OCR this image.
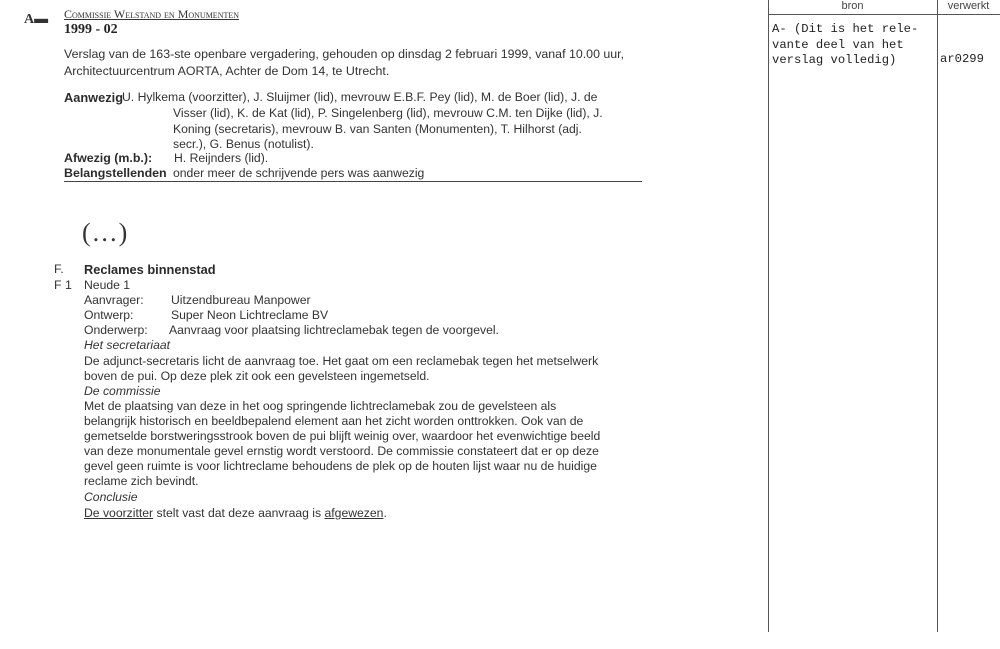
A▬ Commissie Welstand en Monumenten
1999 - 02
Verslag van de 163-ste openbare vergadering, gehouden op dinsdag 2 februari 1999, vanaf 10.00 uur,
Architectuurcentrum AORTA, Achter de Dom 14, te Utrecht.
Aanwezig
U. Hylkema (voorzitter), J. Sluijmer (lid), mevrouw E.B.F. Pey (lid), M. de Boer (lid), J. de
Visser (lid), K. de Kat (lid), P. Singelenberg (lid), mevrouw C.M. ten Dijke (lid), J.
Koning (secretaris), mevrouw B. van Santen (Monumenten), T. Hilhorst (adj.
secr.), G. Benus (notulist).
Afwezig (m.b.): H. Reijnders (lid).
Belangstellenden onder meer de schrijvende pers was aanwezig
(…)
F. Reclames binnenstad
F 1 Neude 1
Aanvrager: Uitzendbureau Manpower
Ontwerp:	Super Neon Lichtreclame BV
Onderwerp: Aanvraag voor plaatsing lichtreclamebak tegen de voorgevel.
Het secretariaat
De adjunct-secretaris licht de aanvraag toe. Het gaat om een reclamebak tegen het metselwerk
boven de pui. Op deze plek zit ook een gevelsteen ingemetseld.
De commissie
Met de plaatsing van deze in het oog springende lichtreclamebak zou de gevelsteen als
belangrijk historisch en beeldbepalend element aan het zicht worden onttrokken. Ook van de
gemetselde borstweringsstrook boven de pui blijft weinig over, waardoor het evenwichtige beeld
van deze monumentale gevel ernstig wordt verstoord. De commissie constateert dat er op deze
gevel geen ruimte is voor lichtreclame behoudens de plek op de houten lijst waar nu de huidige
reclame zich bevindt.
Conclusie
De voorzitter stelt vast dat deze aanvraag is afgewezen.
bron	verwerkt
A- (Dit is het rele- vante deel van het verslag volledig)	ar0299
